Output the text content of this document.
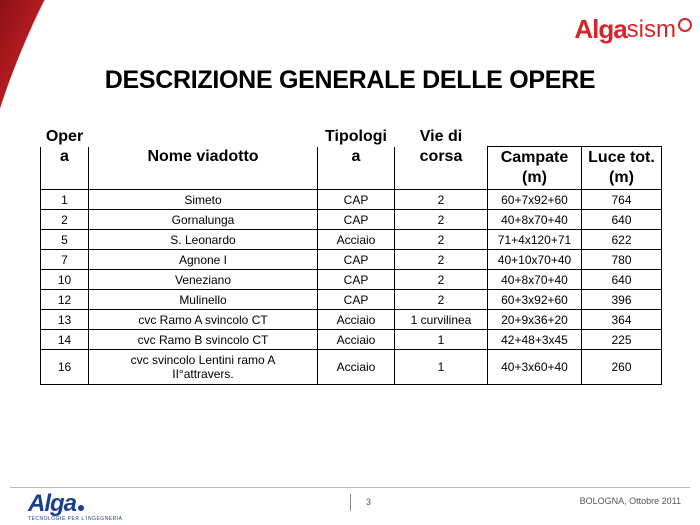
Alga sism
DESCRIZIONE GENERALE DELLE OPERE
Oper		Tipologi	Vie di		
a	Nome viadotto	a	corsa	Campate (m)	Luce tot. (m)
1	Simeto	CAP	2	60+7x92+60	764
2	Gornalunga	CAP	2	40+8x70+40	640
5	S. Leonardo	Acciaio	2	71+4x120+71	622
7	Agnone I	CAP	2	40+10x70+40	780
10	Veneziano	CAP	2	40+8x70+40	640
12	Mulinello	CAP	2	60+3x92+60	396
13	cvc Ramo A svincolo CT	Acciaio	1 curvilinea	20+9x36+20	364
14	cvc Ramo B svincolo CT	Acciaio	1	42+48+3x45	225
16	cvc svincolo Lentini ramo A
II°attravers.	Acciaio	1	40+3x60+40	260
Alga
TECNOLOGIE PER L'INGEGNERIA
3	BOLOGNA, Ottobre 2011
